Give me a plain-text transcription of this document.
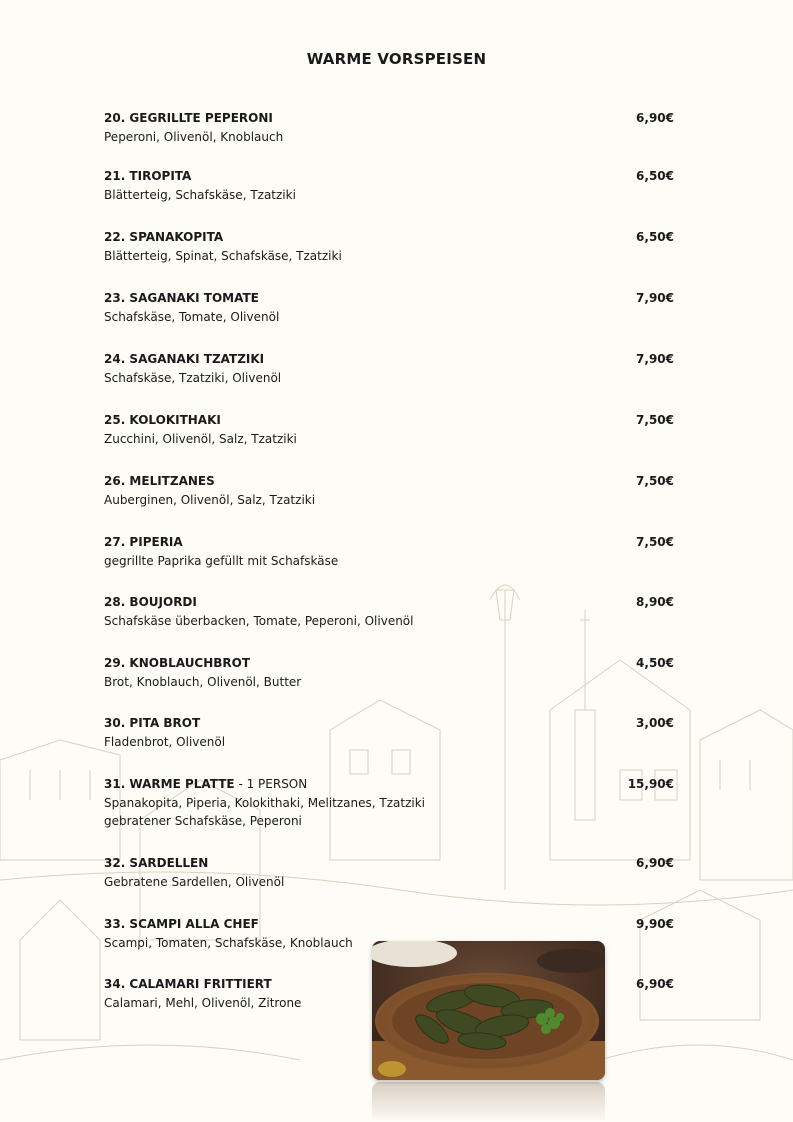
WARME VORSPEISEN
20. GEGRILLTE PEPERONI	6,90€
Peperoni, Olivenöl, Knoblauch
21. TIROPITA	6,50€
Blätterteig, Schafskäse, Tzatziki
22. SPANAKOPITA	6,50€
Blätterteig, Spinat, Schafskäse, Tzatziki
23. SAGANAKI TOMATE	7,90€
Schafskäse, Tomate, Olivenöl
24. SAGANAKI TZATZIKI	7,90€
Schafskäse, Tzatziki, Olivenöl
25. KOLOKITHAKI	7,50€
Zucchini, Olivenöl, Salz, Tzatziki
26. MELITZANES	7,50€
Auberginen, Olivenöl, Salz, Tzatziki
27. PIPERIA	7,50€
gegrillte Paprika gefüllt mit Schafskäse
28. BOUJORDI	8,90€
Schafskäse überbacken, Tomate, Peperoni, Olivenöl
29. KNOBLAUCHBROT	4,50€
Brot, Knoblauch, Olivenöl, Butter
30. PITA BROT	3,00€
Fladenbrot, Olivenöl
31. WARME PLATTE - 1 PERSON	15,90€
Spanakopita, Piperia, Kolokithaki, Melitzanes, Tzatziki
gebratener Schafskäse, Peperoni
32. SARDELLEN	6,90€
Gebratene Sardellen, Olivenöl
33. SCAMPI ALLA CHEF	9,90€
Scampi, Tomaten, Schafskäse, Knoblauch
34. CALAMARI FRITTIERT	6,90€
Calamari, Mehl, Olivenöl, Zitrone
